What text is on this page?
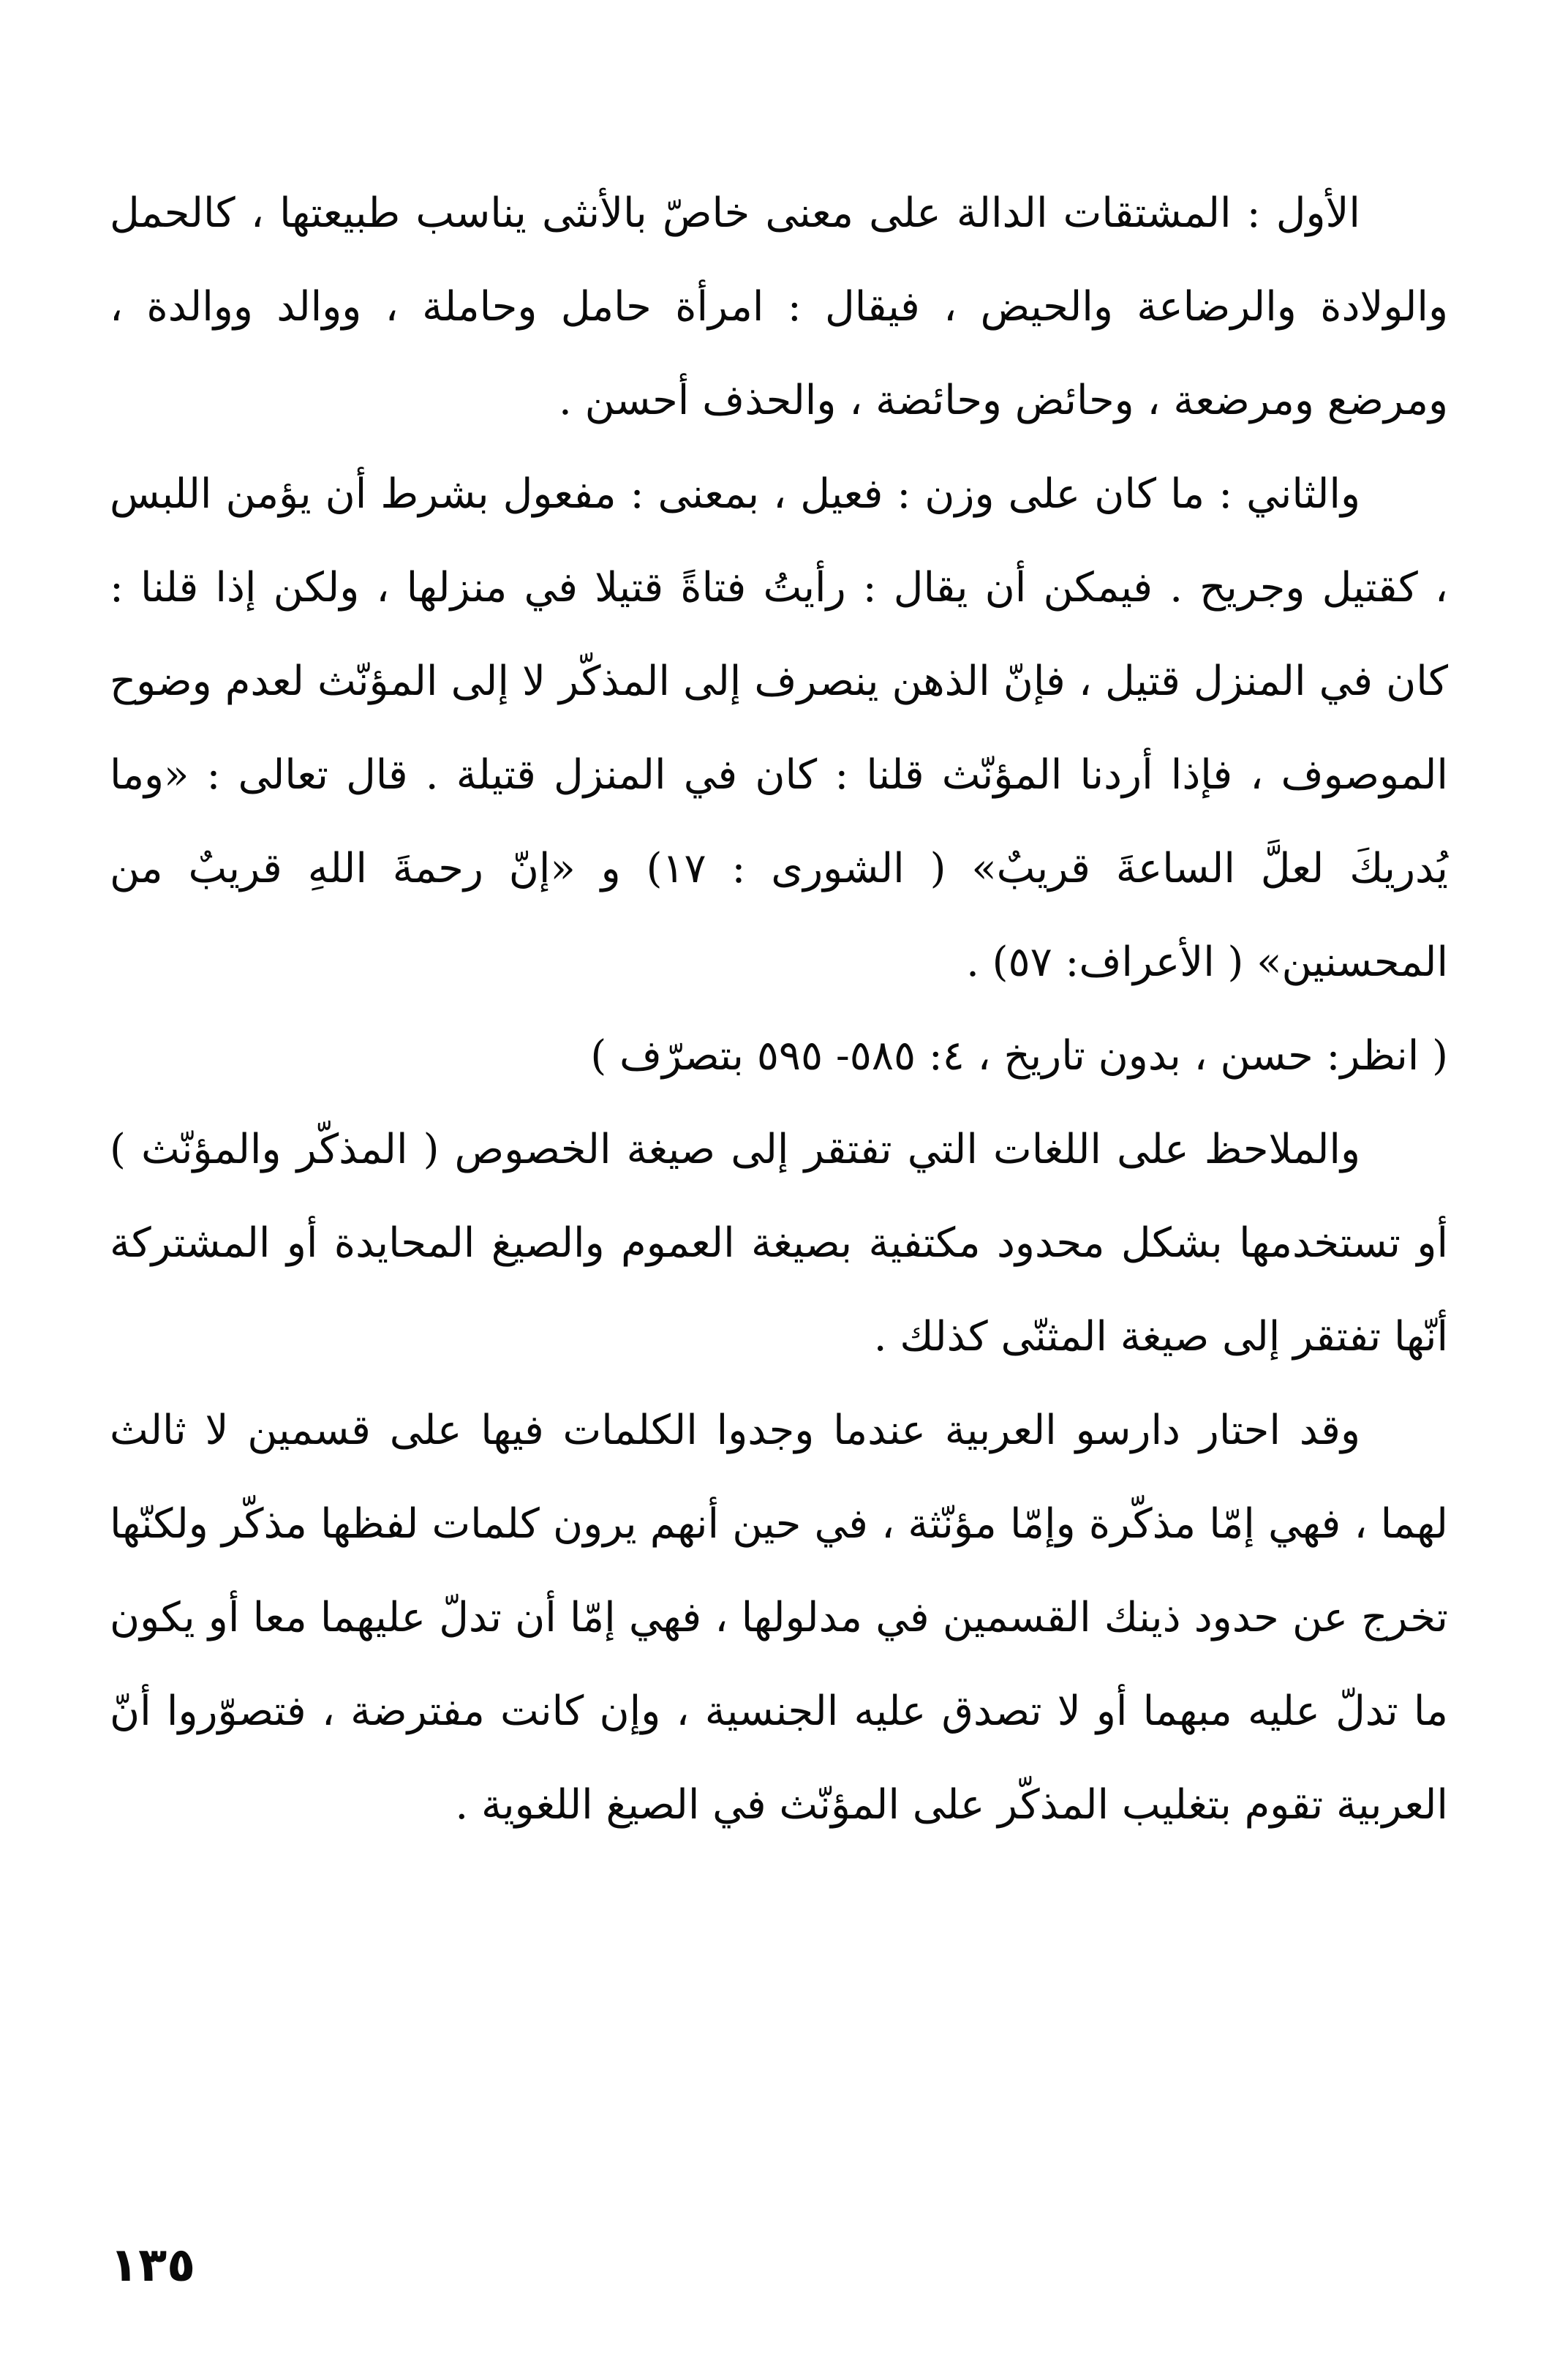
الأول : المشتقات الدالة على معنى خاصّ بالأنثى يناسب طبيعتها ، كالحمل والولادة والرضاعة والحيض ، فيقال : امرأة حامل وحاملة ، ووالد ووالدة ، ومرضع ومرضعة ، وحائض وحائضة ، والحذف أحسن .

والثاني : ما كان على وزن : فعيل ، بمعنى : مفعول بشرط أن يؤمن اللبس ، كقتيل وجريح . فيمكن أن يقال : رأيتُ فتاةً قتيلا في منزلها ، ولكن إذا قلنا : كان في المنزل قتيل ، فإنّ الذهن ينصرف إلى المذكّر لا إلى المؤنّث لعدم وضوح الموصوف ، فإذا أردنا المؤنّث قلنا : كان في المنزل قتيلة . قال تعالى : «وما يُدريكَ لعلَّ الساعةَ قريبٌ» ( الشورى : ١٧) و «إنّ رحمةَ اللهِ قريبٌ من المحسنين» ( الأعراف: ٥٧) .

( انظر: حسن ، بدون تاريخ ، ٤: ٥٨٥- ٥٩٥ بتصرّف )

والملاحظ على اللغات التي تفتقر إلى صيغة الخصوص ( المذكّر والمؤنّث ) أو تستخدمها بشكل محدود مكتفية بصيغة العموم والصيغ المحايدة أو المشتركة أنّها تفتقر إلى صيغة المثنّى كذلك .

وقد احتار دارسو العربية عندما وجدوا الكلمات فيها على قسمين لا ثالث لهما ، فهي إمّا مذكّرة وإمّا مؤنّثة ، في حين أنهم يرون كلمات لفظها مذكّر ولكنّها تخرج عن حدود ذينك القسمين في مدلولها ، فهي إمّا أن تدلّ عليهما معا أو يكون ما تدلّ عليه مبهما أو لا تصدق عليه الجنسية ، وإن كانت مفترضة ، فتصوّروا أنّ العربية تقوم بتغليب المذكّر على المؤنّث في الصيغ اللغوية .

١٣٥
